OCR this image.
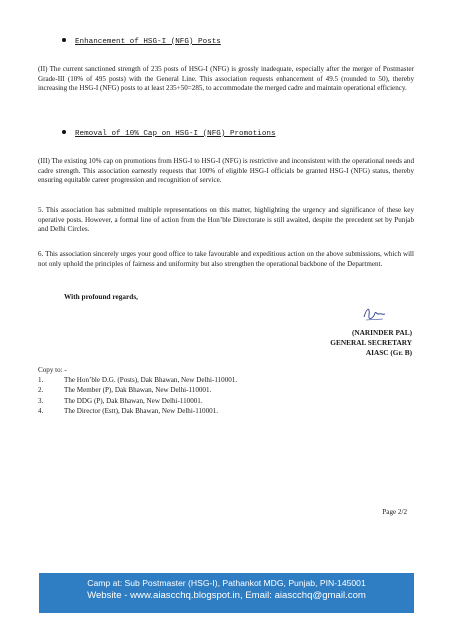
Enhancement of HSG-I (NFG) Posts

(II) The current sanctioned strength of 235 posts of HSG-I (NFG) is grossly inadequate, especially after the merger of Postmaster Grade-III (10% of 495 posts) with the General Line. This association requests enhancement of 49.5 (rounded to 50), thereby increasing the HSG-I (NFG) posts to at least 235+50=285, to accommodate the merged cadre and maintain operational efficiency.

Removal of 10% Cap on HSG-I (NFG) Promotions

(III) The existing 10% cap on promotions from HSG-I to HSG-I (NFG) is restrictive and inconsistent with the operational needs and cadre strength. This association earnestly requests that 100% of eligible HSG-I officials be granted HSG-I (NFG) status, thereby ensuring equitable career progression and recognition of service.

5. This association has submitted multiple representations on this matter, highlighting the urgency and significance of these key operative posts. However, a formal line of action from the Hon’ble Directorate is still awaited, despite the precedent set by Punjab and Delhi Circles.

6. This association sincerely urges your good office to take favourable and expeditious action on the above submissions, which will not only uphold the principles of fairness and uniformity but also strengthen the operational backbone of the Department.

With profound regards,
(NARINDER PAL)
GENERAL SECRETARY
AIASC (Gr. B)
Copy to: -
1.	The Hon’ble D.G. (Posts), Dak Bhawan, New Delhi-110001.
2.	The Member (P), Dak Bhawan, New Delhi-110001.
3.	The DDG (P), Dak Bhawan, New Delhi-110001.
4.	The Director (Estt), Dak Bhawan, New Delhi-110001.
Page 2/2
Camp at: Sub Postmaster (HSG-I), Pathankot MDG, Punjab, PIN-145001
Website - www.aiascchq.blogspot.in, Email: aiascchq@gmail.com
